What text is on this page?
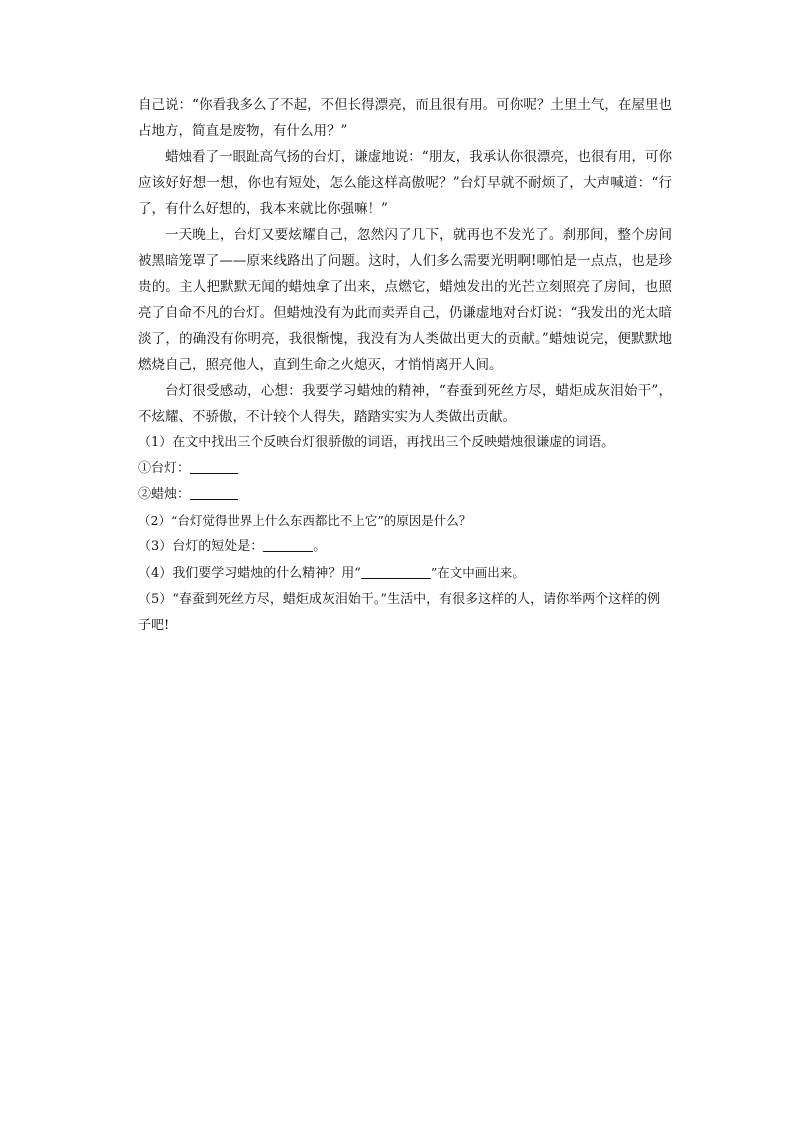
自己说：“你看我多么了不起，不但长得漂亮，而且很有用。可你呢？土里土气，在屋里也占地方，简直是废物，有什么用？”

蜡烛看了一眼趾高气扬的台灯，谦虚地说：“朋友，我承认你很漂亮，也很有用，可你应该好好想一想，你也有短处，怎么能这样高傲呢？”台灯早就不耐烦了，大声喊道：“行了，有什么好想的，我本来就比你强嘛！”

一天晚上，台灯又要炫耀自己，忽然闪了几下，就再也不发光了。刹那间，整个房间被黑暗笼罩了——原来线路出了问题。这时，人们多么需要光明啊!哪怕是一点点，也是珍贵的。主人把默默无闻的蜡烛拿了出来，点燃它，蜡烛发出的光芒立刻照亮了房间，也照亮了自命不凡的台灯。但蜡烛没有为此而卖弄自己，仍谦虚地对台灯说：“我发出的光太暗淡了，的确没有你明亮，我很惭愧，我没有为人类做出更大的贡献。”蜡烛说完，便默默地燃烧自己，照亮他人，直到生命之火熄灭，才悄悄离开人间。

台灯很受感动，心想：我要学习蜡烛的精神，“春蚕到死丝方尽，蜡炬成灰泪始干”，不炫耀、不骄傲，不计较个人得失，踏踏实实为人类做出贡献。

（1）在文中找出三个反映台灯很骄傲的词语，再找出三个反映蜡烛很谦虚的词语。

①台灯：

②蜡烛：

（2）“台灯觉得世界上什么东西都比不上它”的原因是什么？

（3）台灯的短处是：	。

（4）我们要学习蜡烛的什么精神？用“	”在文中画出来。

（5）“春蚕到死丝方尽，蜡炬成灰泪始干。”生活中，有很多这样的人，请你举两个这样的例子吧!
